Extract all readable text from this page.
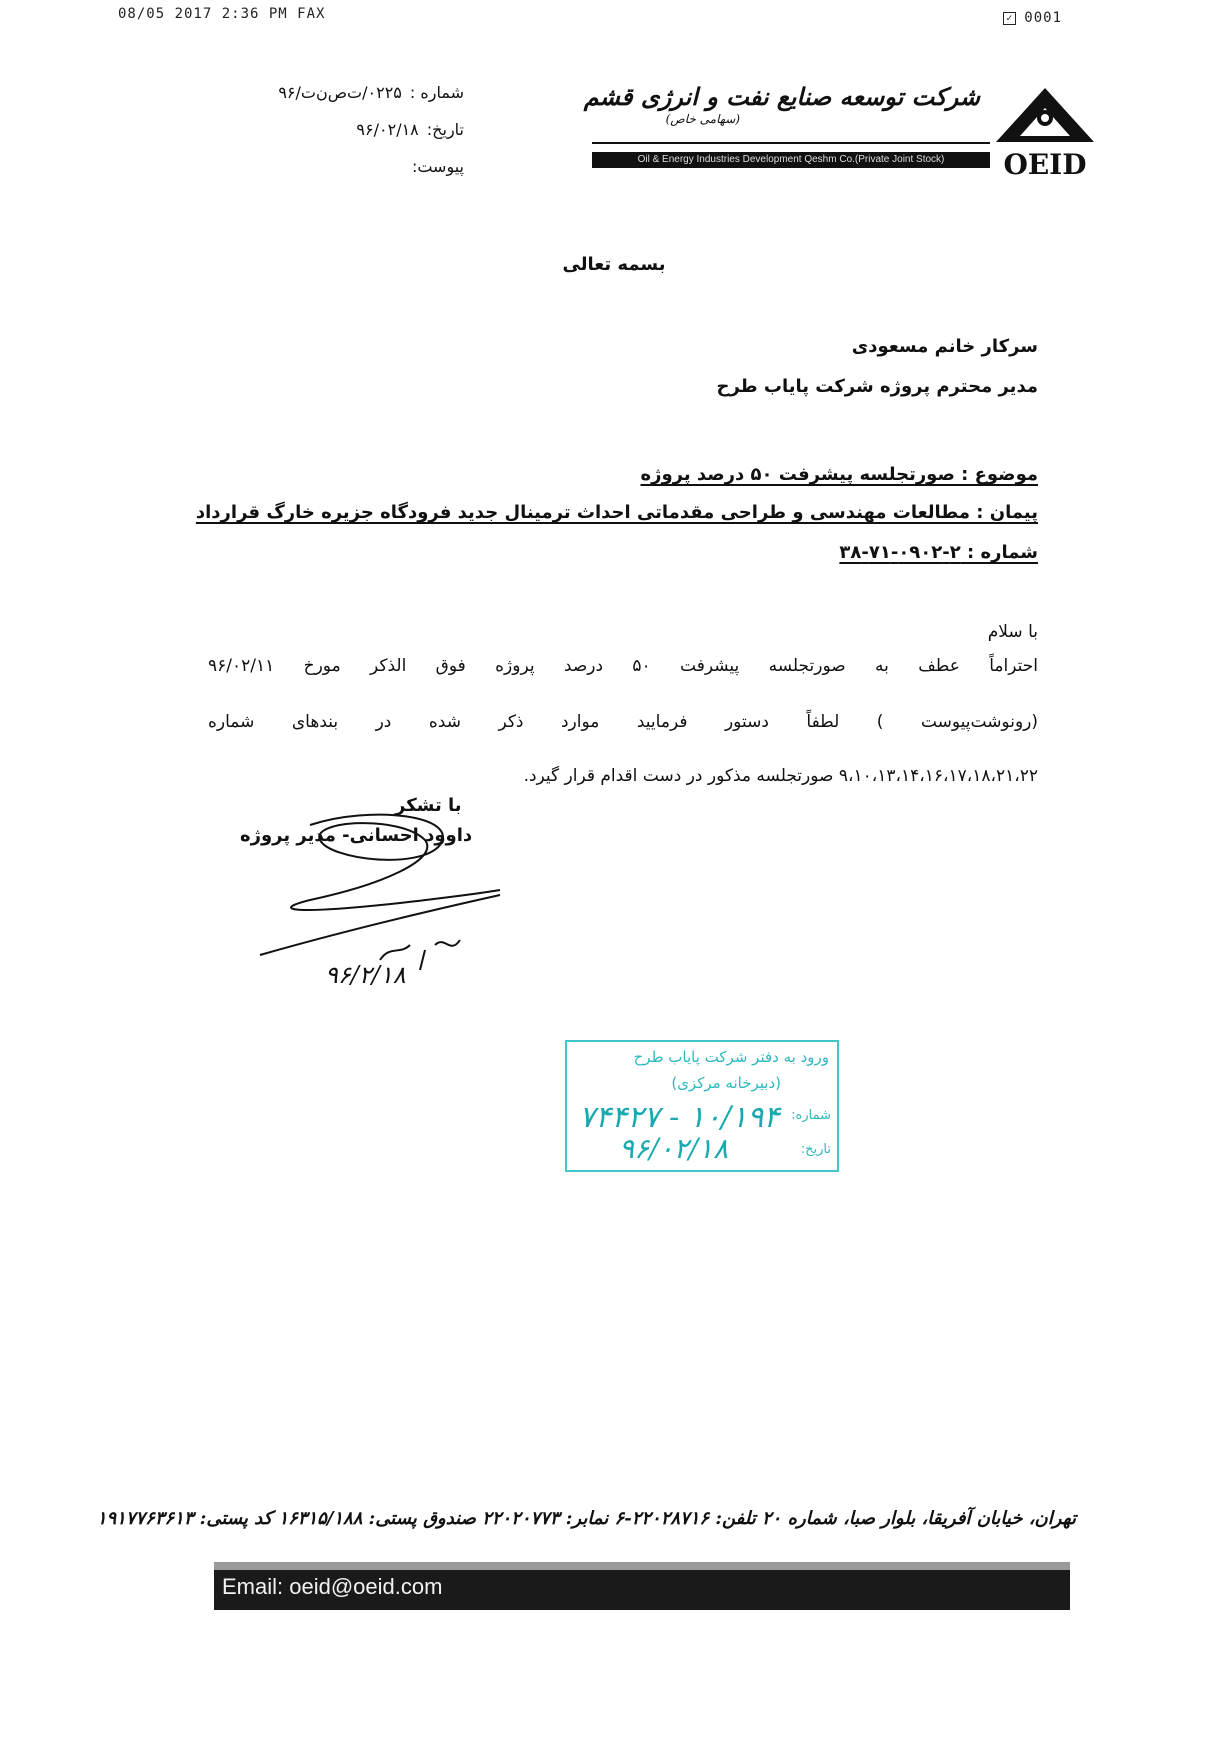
08/05 2017 2:36 PM FAX	✓ 0001
شماره :۰۲۲۵/ت‌ص‌ن‌ت/۹۶
تاریخ:۹۶/۰۲/۱۸
پیوست:
شرکت توسعه صنایع نفت و انرژی قشم
(سهامی خاص)
Oil & Energy Industries Development Qeshm Co.(Private Joint Stock)	OEID
بسمه تعالی
سرکار خانم مسعودی
مدیر محترم پروژه شرکت پایاب طرح
موضوع : صورتجلسه پیشرفت ۵۰ درصد پروژه
پیمان : مطالعات مهندسی و طراحی مقدماتی احداث ترمینال جدید فرودگاه جزیره خارگ قرارداد
شماره : ۲-۰۹۰۲-۷۱-۳۸
با سلام
احتراماً عطف به صورتجلسه پیشرفت ۵۰ درصد پروژه فوق الذکر مورخ ۹۶/۰۲/۱۱
(رونوشت‌پیوست ) لطفاً دستور فرمایید موارد ذکر شده در بندهای شماره
۹،۱۰،۱۳،۱۴،۱۶،۱۷،۱۸،۲۱،۲۲ صورتجلسه مذکور در دست اقدام قرار گیرد.
با تشکر
داوود احسانی- مدیر پروژه
۹۶/۲/۱۸
ورود به دفتر شرکت پایاب طرح
(دبیرخانه مرکزی)
شماره:
۱۰/۱۹۴ - ۷۴۴۲۷
تاریخ:
۹۶/۰۲/۱۸
تهران، خیابان آفریقا، بلوار صبا، شماره ۲۰ تلفن: ۲۲۰۲۸۷۱۶-۶ نمابر: ۲۲۰۲۰۷۷۳ صندوق پستی: ۱۶۳۱۵/۱۸۸ کد پستی: ۱۹۱۷۷۶۳۶۱۳
Email: oeid@oeid.com
